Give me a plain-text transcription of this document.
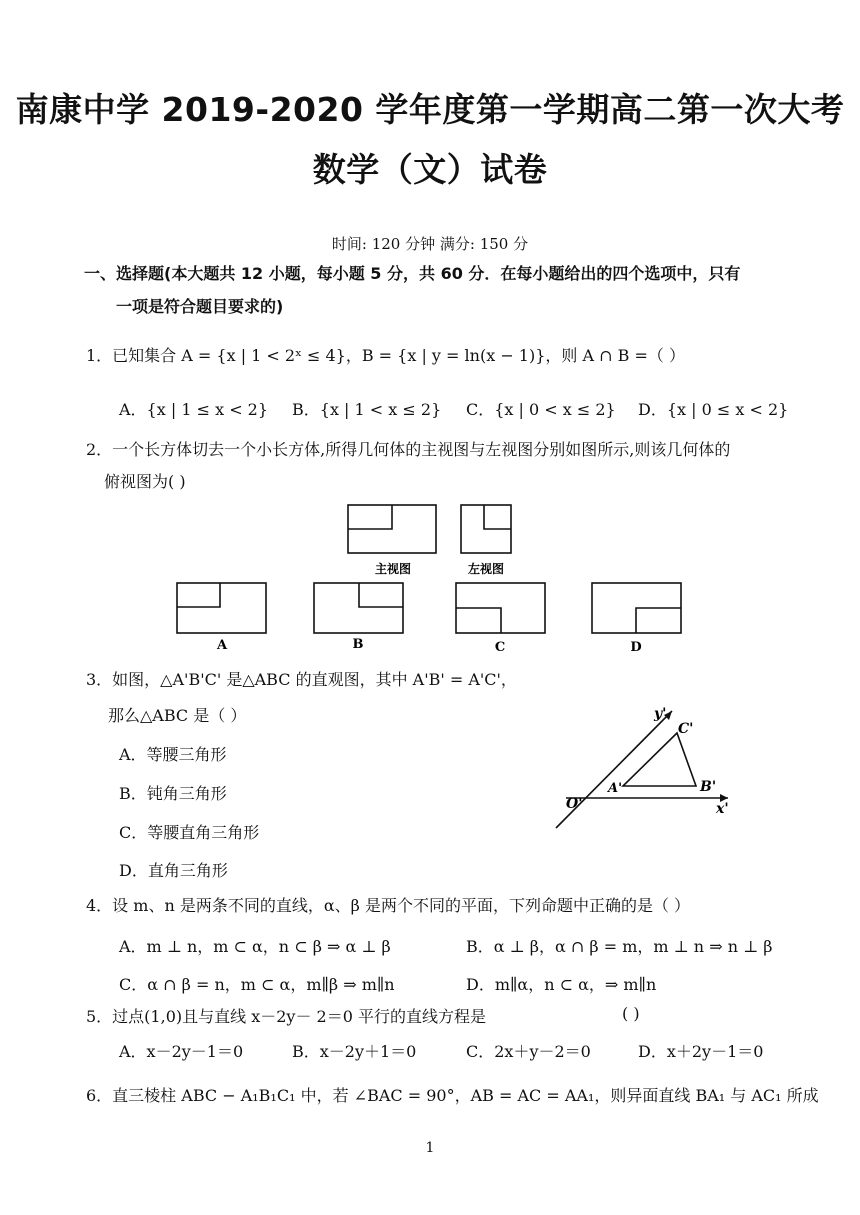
南康中学 2019-2020 学年度第一学期高二第一次大考
数学（文）试卷
时间: 120 分钟 满分: 150 分
一、选择题(本大题共 12 小题，每小题 5 分，共 60 分．在每小题给出的四个选项中，只有
一项是符合题目要求的)
1．已知集合 A = {x | 1 < 2ˣ ≤ 4}，B = {x | y = ln(x − 1)}，则 A ∩ B =（ ）
A．{x | 1 ≤ x < 2} B．{x | 1 < x ≤ 2} C．{x | 0 < x ≤ 2} D．{x | 0 ≤ x < 2}
2．一个长方体切去一个小长方体,所得几何体的主视图与左视图分别如图所示,则该几何体的
俯视图为( )
主视图	左视图
A	B	C	D
y'
x'
O'
A'	B'
C'
3．如图，△A'B'C' 是△ABC 的直观图，其中 A'B' = A'C'，
那么△ABC 是（ ）
A．等腰三角形
B．钝角三角形
C．等腰直角三角形
D．直角三角形
4．设 m、n 是两条不同的直线，α、β 是两个不同的平面，下列命题中正确的是（ ）
A．m ⊥ n，m ⊂ α，n ⊂ β ⇒ α ⊥ β	B．α ⊥ β，α ∩ β = m，m ⊥ n ⇒ n ⊥ β
C．α ∩ β = n，m ⊂ α，m∥β ⇒ m∥n	D．m∥α，n ⊂ α，⇒ m∥n
5．过点(1,0)且与直线 x－2y－ 2＝0 平行的直线方程是	( )
A．x－2y－1＝0	B．x－2y＋1＝0	C．2x＋y－2＝0	D．x＋2y－1＝0
6．直三棱柱 ABC − A₁B₁C₁ 中，若 ∠BAC = 90°，AB = AC = AA₁，则异面直线 BA₁ 与 AC₁ 所成
1
